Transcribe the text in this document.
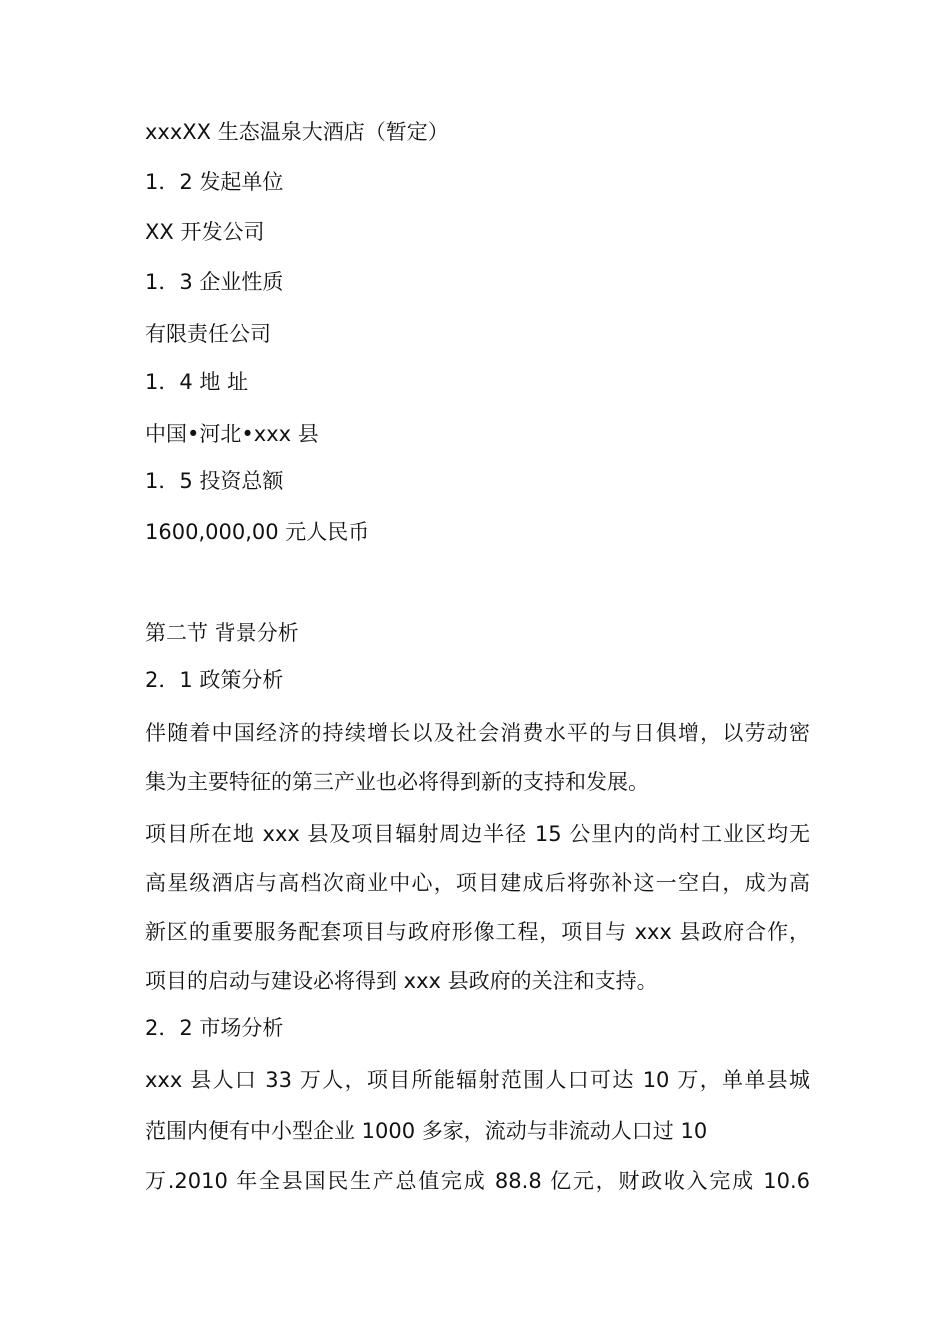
xxxXX 生态温泉大酒店（暂定）

1．2 发起单位

XX 开发公司

1．3 企业性质

有限责任公司

1．4 地 址

中国•河北•xxx 县

1．5 投资总额

1600,000,00 元人民币

第二节 背景分析

2．1 政策分析

伴随着中国经济的持续增长以及社会消费水平的与日俱增，以劳动密

集为主要特征的第三产业也必将得到新的支持和发展。

项目所在地 xxx 县及项目辐射周边半径 15 公里内的尚村工业区均无

高星级酒店与高档次商业中心，项目建成后将弥补这一空白，成为高

新区的重要服务配套项目与政府形像工程，项目与 xxx 县政府合作，

项目的启动与建设必将得到 xxx 县政府的关注和支持。

2．2 市场分析

xxx 县人口 33 万人，项目所能辐射范围人口可达 10 万，单单县城

范围内便有中小型企业 1000 多家，流动与非流动人口过 10

万.2010 年全县国民生产总值完成 88.8 亿元，财政收入完成 10.6
